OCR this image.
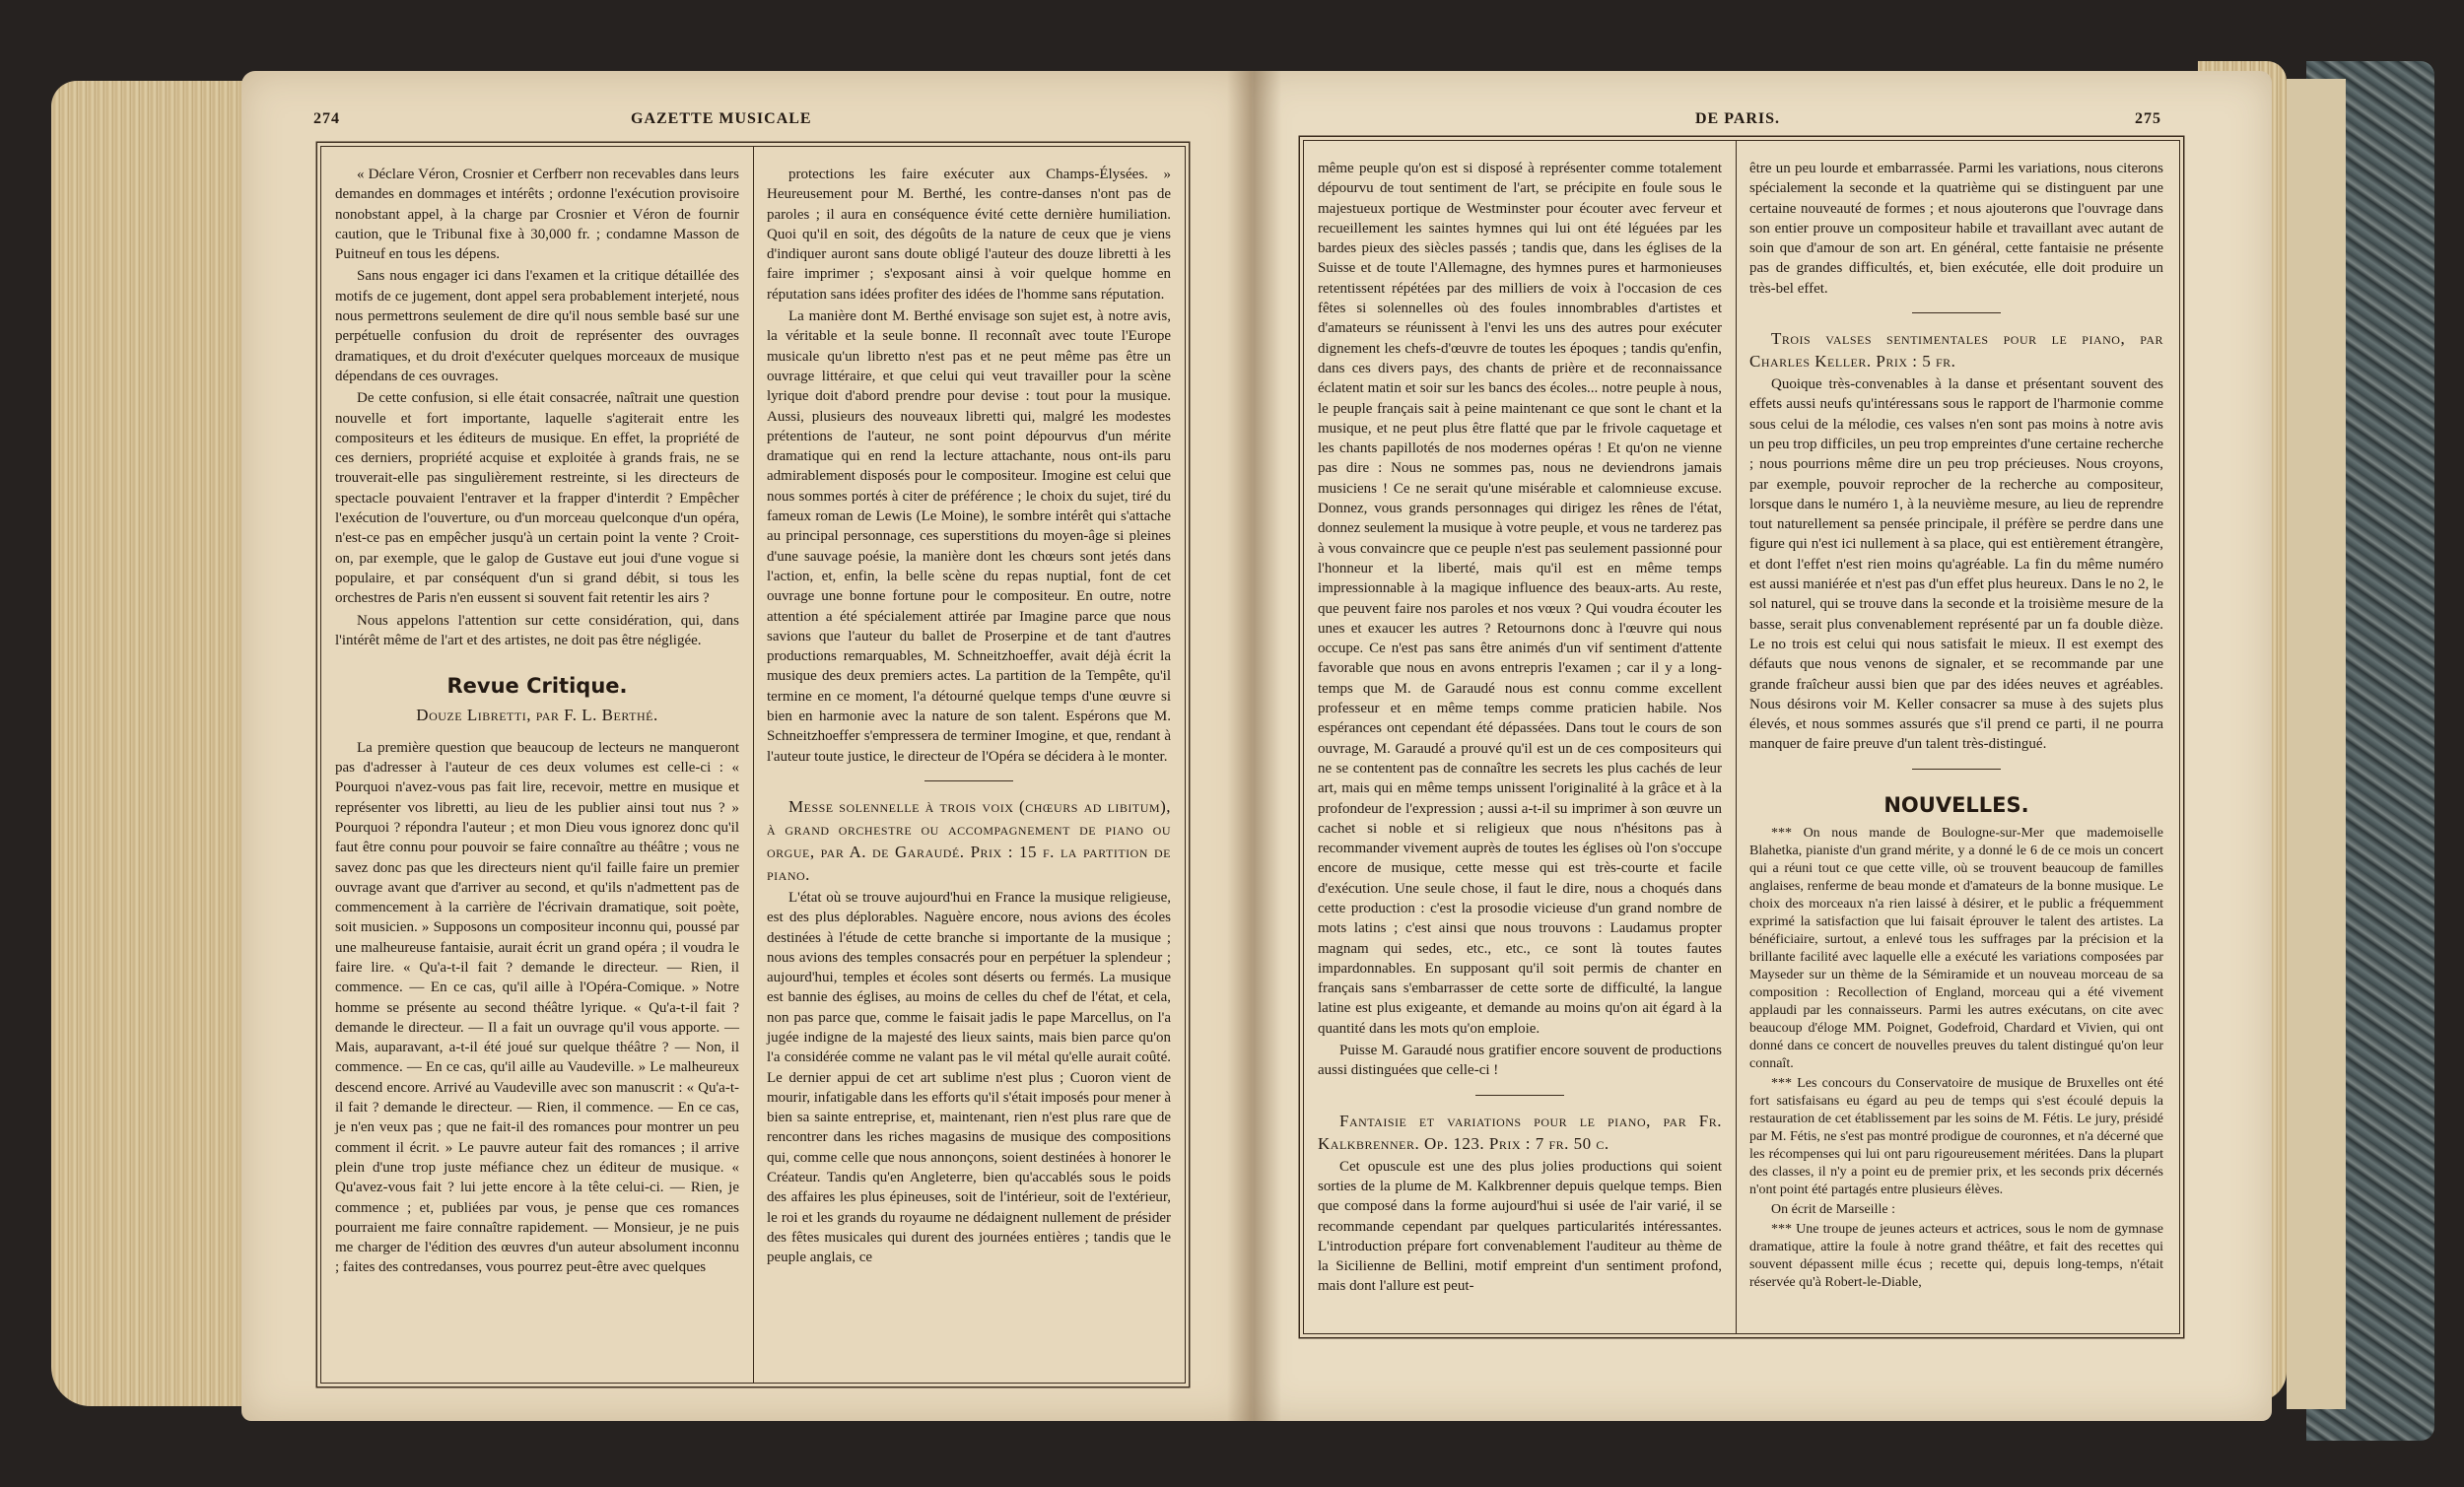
274	GAZETTE MUSICALE

« Déclare Véron, Crosnier et Cerfberr non recevables dans leurs demandes en dommages et intérêts ; ordonne l'exécution provisoire nonobstant appel, à la charge par Crosnier et Véron de fournir caution, que le Tribunal fixe à 30,000 fr. ; condamne Masson de Puitneuf en tous les dépens.

Sans nous engager ici dans l'examen et la critique détaillée des motifs de ce jugement, dont appel sera probablement interjeté, nous nous permettrons seulement de dire qu'il nous semble basé sur une perpétuelle confusion du droit de représenter des ouvrages dramatiques, et du droit d'exécuter quelques morceaux de musique dépendans de ces ouvrages.

De cette confusion, si elle était consacrée, naîtrait une question nouvelle et fort importante, laquelle s'agiterait entre les compositeurs et les éditeurs de musique. En effet, la propriété de ces derniers, propriété acquise et exploitée à grands frais, ne se trouverait-elle pas singulièrement restreinte, si les directeurs de spectacle pouvaient l'entraver et la frapper d'interdit ? Empêcher l'exécution de l'ouverture, ou d'un morceau quelconque d'un opéra, n'est-ce pas en empêcher jusqu'à un certain point la vente ? Croit-on, par exemple, que le galop de Gustave eut joui d'une vogue si populaire, et par conséquent d'un si grand débit, si tous les orchestres de Paris n'en eussent si souvent fait retentir les airs ?

Nous appelons l'attention sur cette considération, qui, dans l'intérêt même de l'art et des artistes, ne doit pas être négligée.

Revue Critique.
Douze Libretti, par F. L. Berthé.

La première question que beaucoup de lecteurs ne manqueront pas d'adresser à l'auteur de ces deux volumes est celle-ci : « Pourquoi n'avez-vous pas fait lire, recevoir, mettre en musique et représenter vos libretti, au lieu de les publier ainsi tout nus ? » Pourquoi ? répondra l'auteur ; et mon Dieu vous ignorez donc qu'il faut être connu pour pouvoir se faire connaître au théâtre ; vous ne savez donc pas que les directeurs nient qu'il faille faire un premier ouvrage avant que d'arriver au second, et qu'ils n'admettent pas de commencement à la carrière de l'écrivain dramatique, soit poète, soit musicien. » Supposons un compositeur inconnu qui, poussé par une malheureuse fantaisie, aurait écrit un grand opéra ; il voudra le faire lire. « Qu'a-t-il fait ? demande le directeur. — Rien, il commence. — En ce cas, qu'il aille à l'Opéra-Comique. » Notre homme se présente au second théâtre lyrique. « Qu'a-t-il fait ? demande le directeur. — Il a fait un ouvrage qu'il vous apporte. — Mais, auparavant, a-t-il été joué sur quelque théâtre ? — Non, il commence. — En ce cas, qu'il aille au Vaudeville. » Le malheureux descend encore. Arrivé au Vaudeville avec son manuscrit : « Qu'a-t-il fait ? demande le directeur. — Rien, il commence. — En ce cas, je n'en veux pas ; que ne fait-il des romances pour montrer un peu comment il écrit. » Le pauvre auteur fait des romances ; il arrive plein d'une trop juste méfiance chez un éditeur de musique. « Qu'avez-vous fait ? lui jette encore à la tête celui-ci. — Rien, je commence ; et, publiées par vous, je pense que ces romances pourraient me faire connaître rapidement. — Monsieur, je ne puis me charger de l'édition des œuvres d'un auteur absolument inconnu ; faites des contredanses, vous pourrez peut-être avec quelques

protections les faire exécuter aux Champs-Élysées. » Heureusement pour M. Berthé, les contre-danses n'ont pas de paroles ; il aura en conséquence évité cette dernière humiliation. Quoi qu'il en soit, des dégoûts de la nature de ceux que je viens d'indiquer auront sans doute obligé l'auteur des douze libretti à les faire imprimer ; s'exposant ainsi à voir quelque homme en réputation sans idées profiter des idées de l'homme sans réputation.

La manière dont M. Berthé envisage son sujet est, à notre avis, la véritable et la seule bonne. Il reconnaît avec toute l'Europe musicale qu'un libretto n'est pas et ne peut même pas être un ouvrage littéraire, et que celui qui veut travailler pour la scène lyrique doit d'abord prendre pour devise : tout pour la musique. Aussi, plusieurs des nouveaux libretti qui, malgré les modestes prétentions de l'auteur, ne sont point dépourvus d'un mérite dramatique qui en rend la lecture attachante, nous ont-ils paru admirablement disposés pour le compositeur. Imogine est celui que nous sommes portés à citer de préférence ; le choix du sujet, tiré du fameux roman de Lewis (Le Moine), le sombre intérêt qui s'attache au principal personnage, ces superstitions du moyen-âge si pleines d'une sauvage poésie, la manière dont les chœurs sont jetés dans l'action, et, enfin, la belle scène du repas nuptial, font de cet ouvrage une bonne fortune pour le compositeur. En outre, notre attention a été spécialement attirée par Imagine parce que nous savions que l'auteur du ballet de Proserpine et de tant d'autres productions remarquables, M. Schneitzhoeffer, avait déjà écrit la musique des deux premiers actes. La partition de la Tempête, qu'il termine en ce moment, l'a détourné quelque temps d'une œuvre si bien en harmonie avec la nature de son talent. Espérons que M. Schneitzhoeffer s'empressera de terminer Imogine, et que, rendant à l'auteur toute justice, le directeur de l'Opéra se décidera à le monter.

Messe solennelle à trois voix (chœurs ad libitum), à grand orchestre ou accompagnement de piano ou orgue, par A. de Garaudé. Prix : 15 f. la partition de piano.

L'état où se trouve aujourd'hui en France la musique religieuse, est des plus déplorables. Naguère encore, nous avions des écoles destinées à l'étude de cette branche si importante de la musique ; nous avions des temples consacrés pour en perpétuer la splendeur ; aujourd'hui, temples et écoles sont déserts ou fermés. La musique est bannie des églises, au moins de celles du chef de l'état, et cela, non pas parce que, comme le faisait jadis le pape Marcellus, on l'a jugée indigne de la majesté des lieux saints, mais bien parce qu'on l'a considérée comme ne valant pas le vil métal qu'elle aurait coûté. Le dernier appui de cet art sublime n'est plus ; Cuoron vient de mourir, infatigable dans les efforts qu'il s'était imposés pour mener à bien sa sainte entreprise, et, maintenant, rien n'est plus rare que de rencontrer dans les riches magasins de musique des compositions qui, comme celle que nous annonçons, soient destinées à honorer le Créateur. Tandis qu'en Angleterre, bien qu'accablés sous le poids des affaires les plus épineuses, soit de l'intérieur, soit de l'extérieur, le roi et les grands du royaume ne dédaignent nullement de présider des fêtes musicales qui durent des journées entières ; tandis que le peuple anglais, ce

DE PARIS.	275

même peuple qu'on est si disposé à représenter comme totalement dépourvu de tout sentiment de l'art, se précipite en foule sous le majestueux portique de Westminster pour écouter avec ferveur et recueillement les saintes hymnes qui lui ont été léguées par les bardes pieux des siècles passés ; tandis que, dans les églises de la Suisse et de toute l'Allemagne, des hymnes pures et harmonieuses retentissent répétées par des milliers de voix à l'occasion de ces fêtes si solennelles où des foules innombrables d'artistes et d'amateurs se réunissent à l'envi les uns des autres pour exécuter dignement les chefs-d'œuvre de toutes les époques ; tandis qu'enfin, dans ces divers pays, des chants de prière et de reconnaissance éclatent matin et soir sur les bancs des écoles... notre peuple à nous, le peuple français sait à peine maintenant ce que sont le chant et la musique, et ne peut plus être flatté que par le frivole caquetage et les chants papillotés de nos modernes opéras ! Et qu'on ne vienne pas dire : Nous ne sommes pas, nous ne deviendrons jamais musiciens ! Ce ne serait qu'une misérable et calomnieuse excuse. Donnez, vous grands personnages qui dirigez les rênes de l'état, donnez seulement la musique à votre peuple, et vous ne tarderez pas à vous convaincre que ce peuple n'est pas seulement passionné pour l'honneur et la liberté, mais qu'il est en même temps impressionnable à la magique influence des beaux-arts. Au reste, que peuvent faire nos paroles et nos vœux ? Qui voudra écouter les unes et exaucer les autres ? Retournons donc à l'œuvre qui nous occupe. Ce n'est pas sans être animés d'un vif sentiment d'attente favorable que nous en avons entrepris l'examen ; car il y a long-temps que M. de Garaudé nous est connu comme excellent professeur et en même temps comme praticien habile. Nos espérances ont cependant été dépassées. Dans tout le cours de son ouvrage, M. Garaudé a prouvé qu'il est un de ces compositeurs qui ne se contentent pas de connaître les secrets les plus cachés de leur art, mais qui en même temps unissent l'originalité à la grâce et à la profondeur de l'expression ; aussi a-t-il su imprimer à son œuvre un cachet si noble et si religieux que nous n'hésitons pas à recommander vivement auprès de toutes les églises où l'on s'occupe encore de musique, cette messe qui est très-courte et facile d'exécution. Une seule chose, il faut le dire, nous a choqués dans cette production : c'est la prosodie vicieuse d'un grand nombre de mots latins ; c'est ainsi que nous trouvons : Laudamus propter magnam qui sedes, etc., etc., ce sont là toutes fautes impardonnables. En supposant qu'il soit permis de chanter en français sans s'embarrasser de cette sorte de difficulté, la langue latine est plus exigeante, et demande au moins qu'on ait égard à la quantité dans les mots qu'on emploie.

Puisse M. Garaudé nous gratifier encore souvent de productions aussi distinguées que celle-ci !

Fantaisie et variations pour le piano, par Fr. Kalkbrenner. Op. 123. Prix : 7 fr. 50 c.

Cet opuscule est une des plus jolies productions qui soient sorties de la plume de M. Kalkbrenner depuis quelque temps. Bien que composé dans la forme aujourd'hui si usée de l'air varié, il se recommande cependant par quelques particularités intéressantes. L'introduction prépare fort convenablement l'auditeur au thème de la Sicilienne de Bellini, motif empreint d'un sentiment profond, mais dont l'allure est peut-

être un peu lourde et embarrassée. Parmi les variations, nous citerons spécialement la seconde et la quatrième qui se distinguent par une certaine nouveauté de formes ; et nous ajouterons que l'ouvrage dans son entier prouve un compositeur habile et travaillant avec autant de soin que d'amour de son art. En général, cette fantaisie ne présente pas de grandes difficultés, et, bien exécutée, elle doit produire un très-bel effet.

Trois valses sentimentales pour le piano, par Charles Keller. Prix : 5 fr.

Quoique très-convenables à la danse et présentant souvent des effets aussi neufs qu'intéressans sous le rapport de l'harmonie comme sous celui de la mélodie, ces valses n'en sont pas moins à notre avis un peu trop difficiles, un peu trop empreintes d'une certaine recherche ; nous pourrions même dire un peu trop précieuses. Nous croyons, par exemple, pouvoir reprocher de la recherche au compositeur, lorsque dans le numéro 1, à la neuvième mesure, au lieu de reprendre tout naturellement sa pensée principale, il préfère se perdre dans une figure qui n'est ici nullement à sa place, qui est entièrement étrangère, et dont l'effet n'est rien moins qu'agréable. La fin du même numéro est aussi maniérée et n'est pas d'un effet plus heureux. Dans le no 2, le sol naturel, qui se trouve dans la seconde et la troisième mesure de la basse, serait plus convenablement représenté par un fa double dièze. Le no trois est celui qui nous satisfait le mieux. Il est exempt des défauts que nous venons de signaler, et se recommande par une grande fraîcheur aussi bien que par des idées neuves et agréables. Nous désirons voir M. Keller consacrer sa muse à des sujets plus élevés, et nous sommes assurés que s'il prend ce parti, il ne pourra manquer de faire preuve d'un talent très-distingué.

NOUVELLES.

*** On nous mande de Boulogne-sur-Mer que mademoiselle Blahetka, pianiste d'un grand mérite, y a donné le 6 de ce mois un concert qui a réuni tout ce que cette ville, où se trouvent beaucoup de familles anglaises, renferme de beau monde et d'amateurs de la bonne musique. Le choix des morceaux n'a rien laissé à désirer, et le public a fréquemment exprimé la satisfaction que lui faisait éprouver le talent des artistes. La bénéficiaire, surtout, a enlevé tous les suffrages par la précision et la brillante facilité avec laquelle elle a exécuté les variations composées par Mayseder sur un thème de la Sémiramide et un nouveau morceau de sa composition : Recollection of England, morceau qui a été vivement applaudi par les connaisseurs. Parmi les autres exécutans, on cite avec beaucoup d'éloge MM. Poignet, Godefroid, Chardard et Vivien, qui ont donné dans ce concert de nouvelles preuves du talent distingué qu'on leur connaît.

*** Les concours du Conservatoire de musique de Bruxelles ont été fort satisfaisans eu égard au peu de temps qui s'est écoulé depuis la restauration de cet établissement par les soins de M. Fétis. Le jury, présidé par M. Fétis, ne s'est pas montré prodigue de couronnes, et n'a décerné que les récompenses qui lui ont paru rigoureusement méritées. Dans la plupart des classes, il n'y a point eu de premier prix, et les seconds prix décernés n'ont point été partagés entre plusieurs élèves.

On écrit de Marseille :

*** Une troupe de jeunes acteurs et actrices, sous le nom de gymnase dramatique, attire la foule à notre grand théâtre, et fait des recettes qui souvent dépassent mille écus ; recette qui, depuis long-temps, n'était réservée qu'à Robert-le-Diable,
